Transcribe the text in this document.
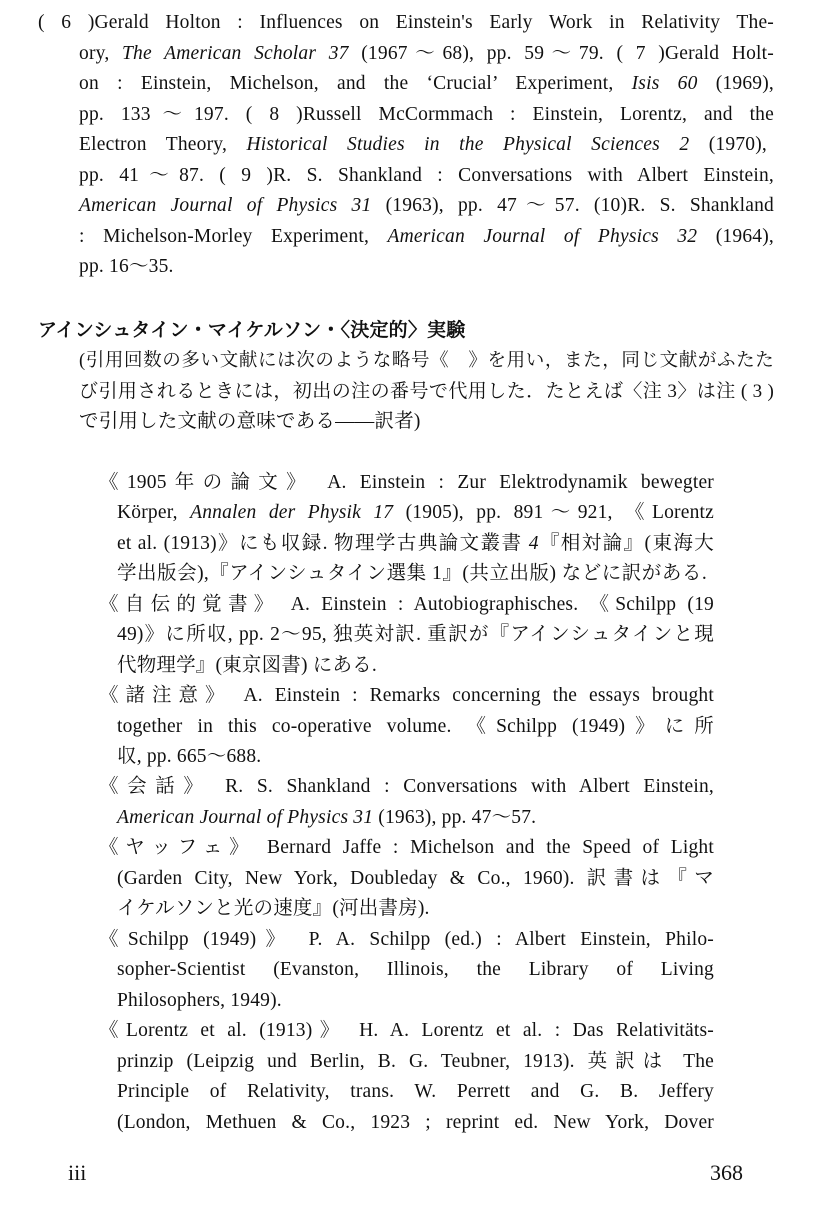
( 6 )Gerald Holton : Influences on Einstein's Early Work in Relativity The-
ory, The American Scholar 37 (1967～68), pp. 59～79. ( 7 )Gerald Holt-
on : Einstein, Michelson, and the ‘Crucial’ Experiment, Isis 60 (1969),
pp. 133～197. ( 8 )Russell McCormmach : Einstein, Lorentz, and the
Electron Theory, Historical Studies in the Physical Sciences 2 (1970),
pp. 41～87. ( 9 )R. S. Shankland : Conversations with Albert Einstein,
American Journal of Physics 31 (1963), pp. 47～57. (10)R. S. Shankland
: Michelson-Morley Experiment, American Journal of Physics 32 (1964),
pp. 16～35.
アインシュタイン・マイケルソン・〈決定的〉実験
(引用回数の多い文献には次のような略号《　》を用い，また，同じ文献がふたた
び引用されるときには，初出の注の番号で代用した．たとえば〈注 3〉は注 ( 3 )
で引用した文献の意味である――訳者)
《1905年の論文》 A. Einstein : Zur Elektrodynamik bewegter
Körper, Annalen der Physik 17 (1905), pp. 891～921, 《Lorentz
et al. (1913)》にも収録. 物理学古典論文叢書 4『相対論』(東海大
学出版会),『アインシュタイン選集 1』(共立出版) などに訳がある.
《自伝的覚書》 A. Einstein : Autobiographisches. 《Schilpp (19
49)》に所収, pp. 2～95, 独英対訳. 重訳が『アインシュタインと現
代物理学』(東京図書) にある.
《諸注意》 A. Einstein : Remarks concerning the essays brought
together in this co-operative volume. 《Schilpp (1949)》に所
収, pp. 665～688.
《会話》 R. S. Shankland : Conversations with Albert Einstein,
American Journal of Physics 31 (1963), pp. 47～57.
《ヤッフェ》 Bernard Jaffe : Michelson and the Speed of Light
(Garden City, New York, Doubleday & Co., 1960). 訳書は『マ
イケルソンと光の速度』(河出書房).
《Schilpp (1949)》 P. A. Schilpp (ed.) : Albert Einstein, Philo-
sopher-Scientist (Evanston, Illinois, the Library of Living
Philosophers, 1949).
《Lorentz et al. (1913)》 H. A. Lorentz et al. : Das Relativitäts-
prinzip (Leipzig und Berlin, B. G. Teubner, 1913). 英訳は The
Principle of Relativity, trans. W. Perrett and G. B. Jeffery
(London, Methuen & Co., 1923 ; reprint ed. New York, Dover
iii	368
